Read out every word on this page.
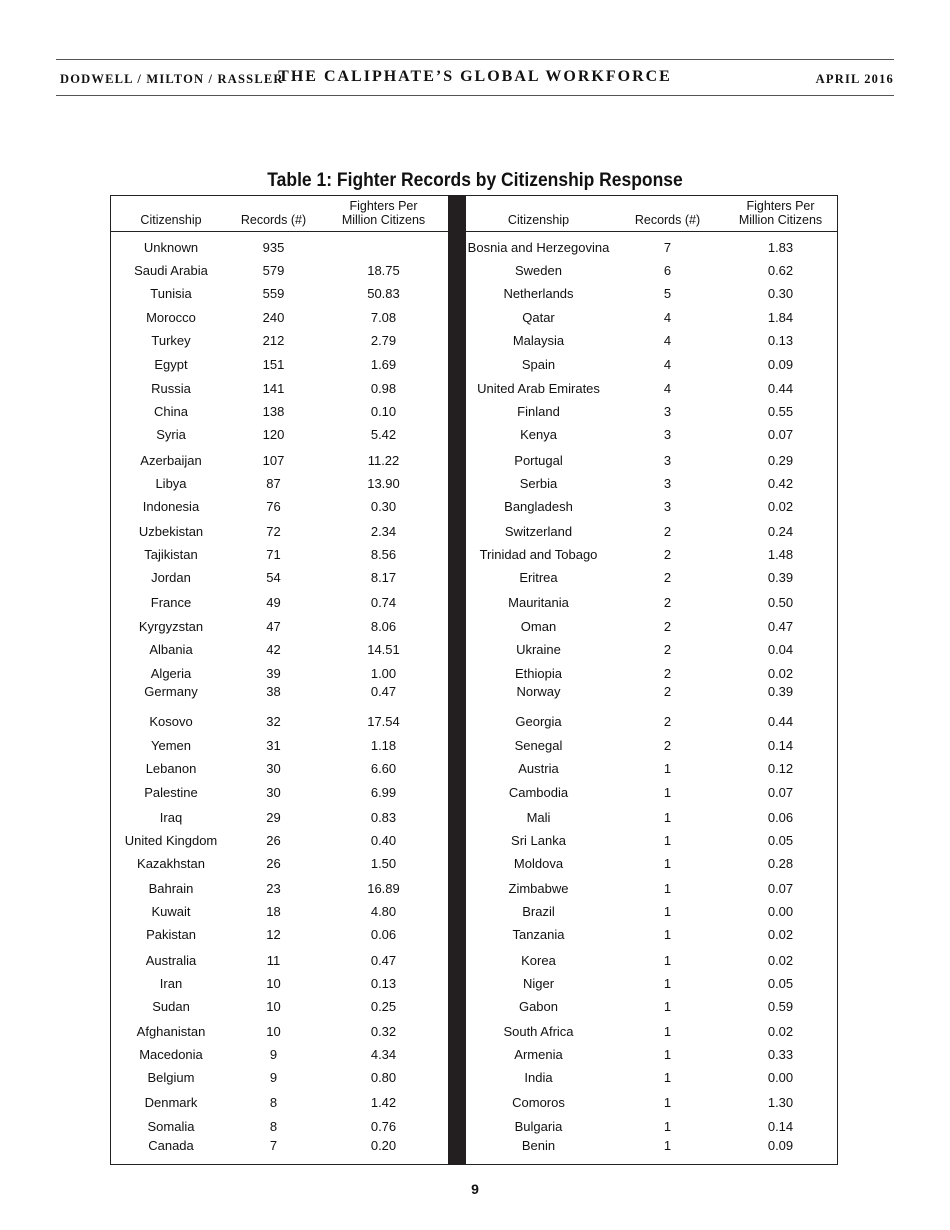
DODWELL / MILTON / RASSLER
THE CALIPHATE’S GLOBAL WORKFORCE	APRIL 2016
Table 1: Fighter Records by Citizenship Response
Citizenship	Records (#)
Fighters Per
Million Citizens
Unknown	935
Saudi Arabia	579	18.75
Tunisia	559	50.83
Morocco	240	7.08
Turkey	212	2.79
Egypt	151	1.69
Russia	141	0.98
China	138	0.10
Syria	120	5.42
Azerbaijan	107	11.22
Libya	87	13.90
Indonesia	76	0.30
Uzbekistan	72	2.34
Tajikistan	71	8.56
Jordan	54	8.17
France	49	0.74
Kyrgyzstan	47	8.06
Albania	42	14.51
Algeria	39	1.00
Germany	38	0.47
Kosovo	32	17.54
Yemen	31	1.18
Lebanon	30	6.60
Palestine	30	6.99
Iraq	29	0.83
United Kingdom	26	0.40
Kazakhstan	26	1.50
Bahrain	23	16.89
Kuwait	18	4.80
Pakistan	12	0.06
Australia	11	0.47
Iran	10	0.13
Sudan	10	0.25
Afghanistan	10	0.32
Macedonia	9	4.34
Belgium	9	0.80
Denmark	8	1.42
Somalia	8	0.76
Canada	7	0.20
Citizenship	Records (#)
Fighters Per
Million Citizens
Bosnia and Herzegovina	7	1.83
Sweden	6	0.62
Netherlands	5	0.30
Qatar	4	1.84
Malaysia	4	0.13
Spain	4	0.09
United Arab Emirates	4	0.44
Finland	3	0.55
Kenya	3	0.07
Portugal	3	0.29
Serbia	3	0.42
Bangladesh	3	0.02
Switzerland	2	0.24
Trinidad and Tobago	2	1.48
Eritrea	2	0.39
Mauritania	2	0.50
Oman	2	0.47
Ukraine	2	0.04
Ethiopia	2	0.02
Norway	2	0.39
Georgia	2	0.44
Senegal	2	0.14
Austria	1	0.12
Cambodia	1	0.07
Mali	1	0.06
Sri Lanka	1	0.05
Moldova	1	0.28
Zimbabwe	1	0.07
Brazil	1	0.00
Tanzania	1	0.02
Korea	1	0.02
Niger	1	0.05
Gabon	1	0.59
South Africa	1	0.02
Armenia	1	0.33
India	1	0.00
Comoros	1	1.30
Bulgaria	1	0.14
Benin	1	0.09
9
